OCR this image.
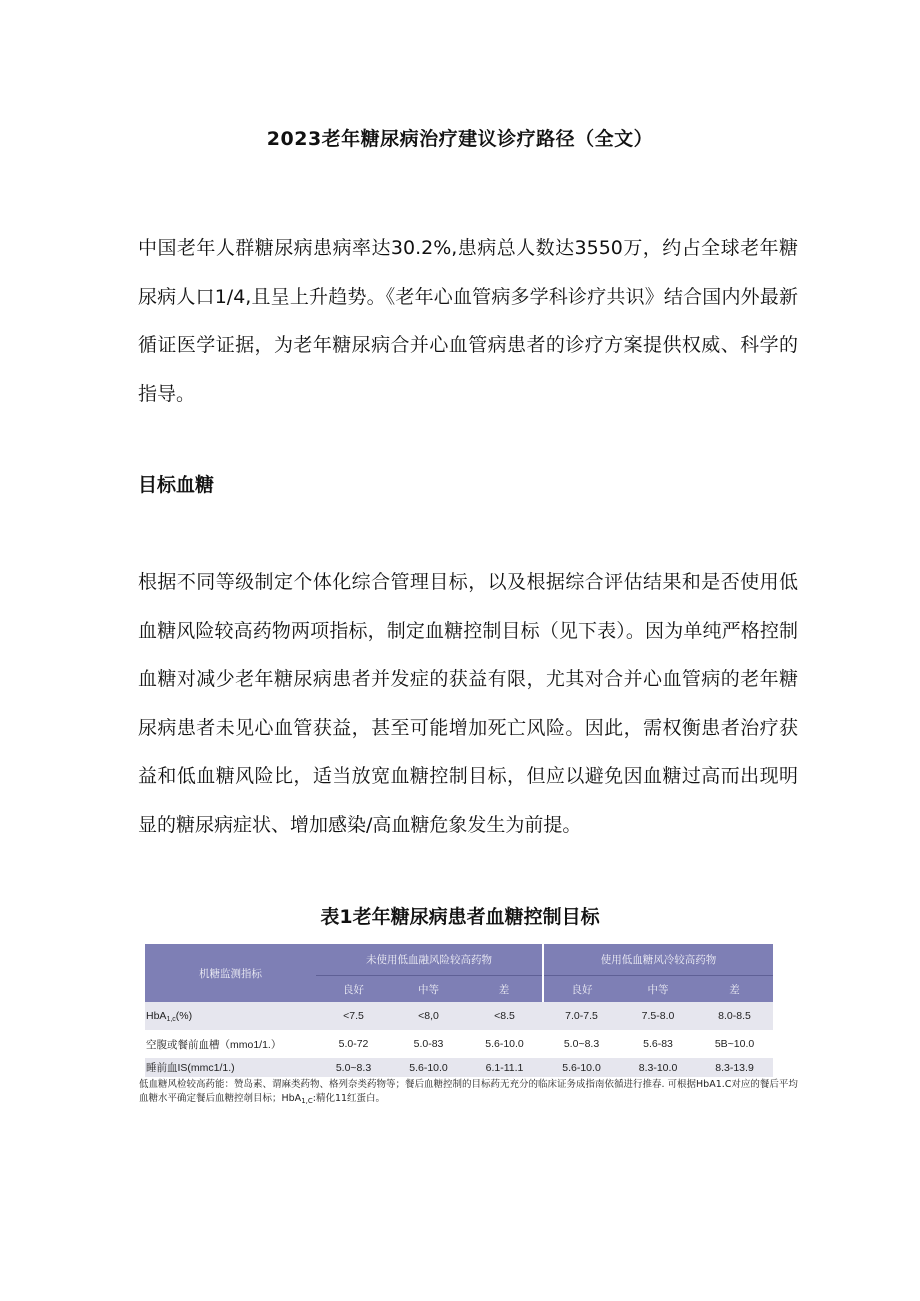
2023老年糖尿病治疗建议诊疗路径（全文）

中国老年人群糖尿病患病率达30.2%,患病总人数达3550万，约占全球老年糖尿病人口1/4,且呈上升趋势。《老年心血管病多学科诊疗共识》结合国内外最新循证医学证据，为老年糖尿病合并心血管病患者的诊疗方案提供权威、科学的指导。

目标血糖

根据不同等级制定个体化综合管理目标，以及根据综合评估结果和是否使用低血糖风险较高药物两项指标，制定血糖控制目标（见下表）。因为单纯严格控制血糖对减少老年糖尿病患者并发症的获益有限，尤其对合并心血管病的老年糖尿病患者未见心血管获益，甚至可能增加死亡风险。因此，需权衡患者治疗获益和低血糖风险比，适当放宽血糖控制目标，但应以避免因血糖过高而出现明显的糖尿病症状、增加感染/高血糖危象发生为前提。

表1老年糖尿病患者血糖控制目标
机糖监测指标	未使用低血融风险较高药物			使用低血糖风冷较高药物		
	良好	中等	差	良好	中等	差
HbA$_{1,c}$(%)	<7.5	<8,0	<8.5	7.0-7.5	7.5-8.0	8.0-8.5
空腹或餐前血槽（mmo1/1.）	5.0-72	5.0-83	5.6-10.0	5.0~8.3	5.6-83	5B~10.0
睡前血IS(mmc1/1.)	5.0~8.3	5.6-10.0	6.1-11.1	5.6-10.0	8.3-10.0	8.3-13.9

低血糖风检较高药能：赞岛素、谓麻类药物、格列奈类药物等；餐后血糖控制的目标药无充分的临床证务成指南依循进行推春. 可根据HbA1.C对应的餐后平均血糖水平确定餐后血糖控剞目标；HbA$_{1,C}$:精化11红蛋白。
